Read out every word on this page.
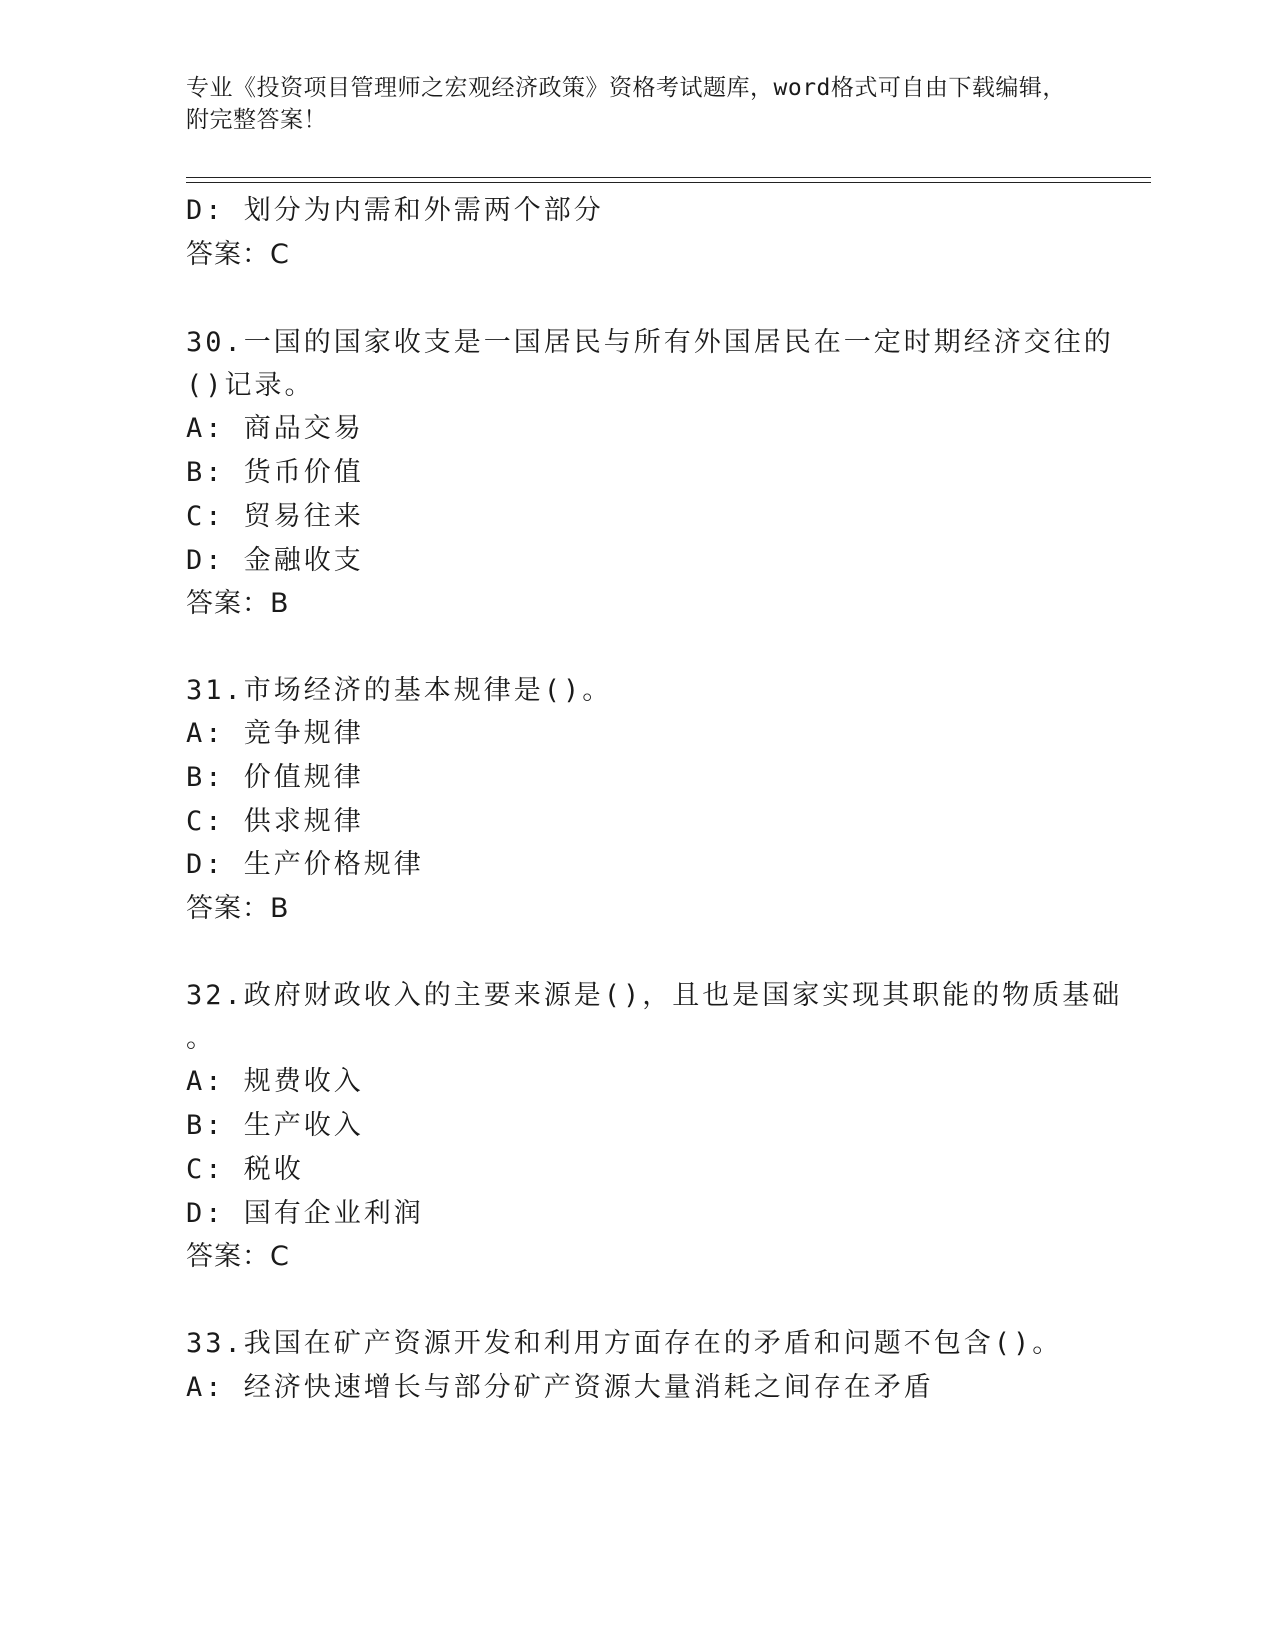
专业《投资项目管理师之宏观经济政策》资格考试题库，word格式可自由下载编辑，附完整答案！
D: 划分为内需和外需两个部分
答案：C
30.一国的国家收支是一国居民与所有外国居民在一定时期经济交往的
()记录。
A: 商品交易
B: 货币价值
C: 贸易往来
D: 金融收支
答案：B
31.市场经济的基本规律是()。
A: 竞争规律
B: 价值规律
C: 供求规律
D: 生产价格规律
答案：B
32.政府财政收入的主要来源是()，且也是国家实现其职能的物质基础
。
A: 规费收入
B: 生产收入
C: 税收
D: 国有企业利润
答案：C
33.我国在矿产资源开发和利用方面存在的矛盾和问题不包含()。
A: 经济快速增长与部分矿产资源大量消耗之间存在矛盾
